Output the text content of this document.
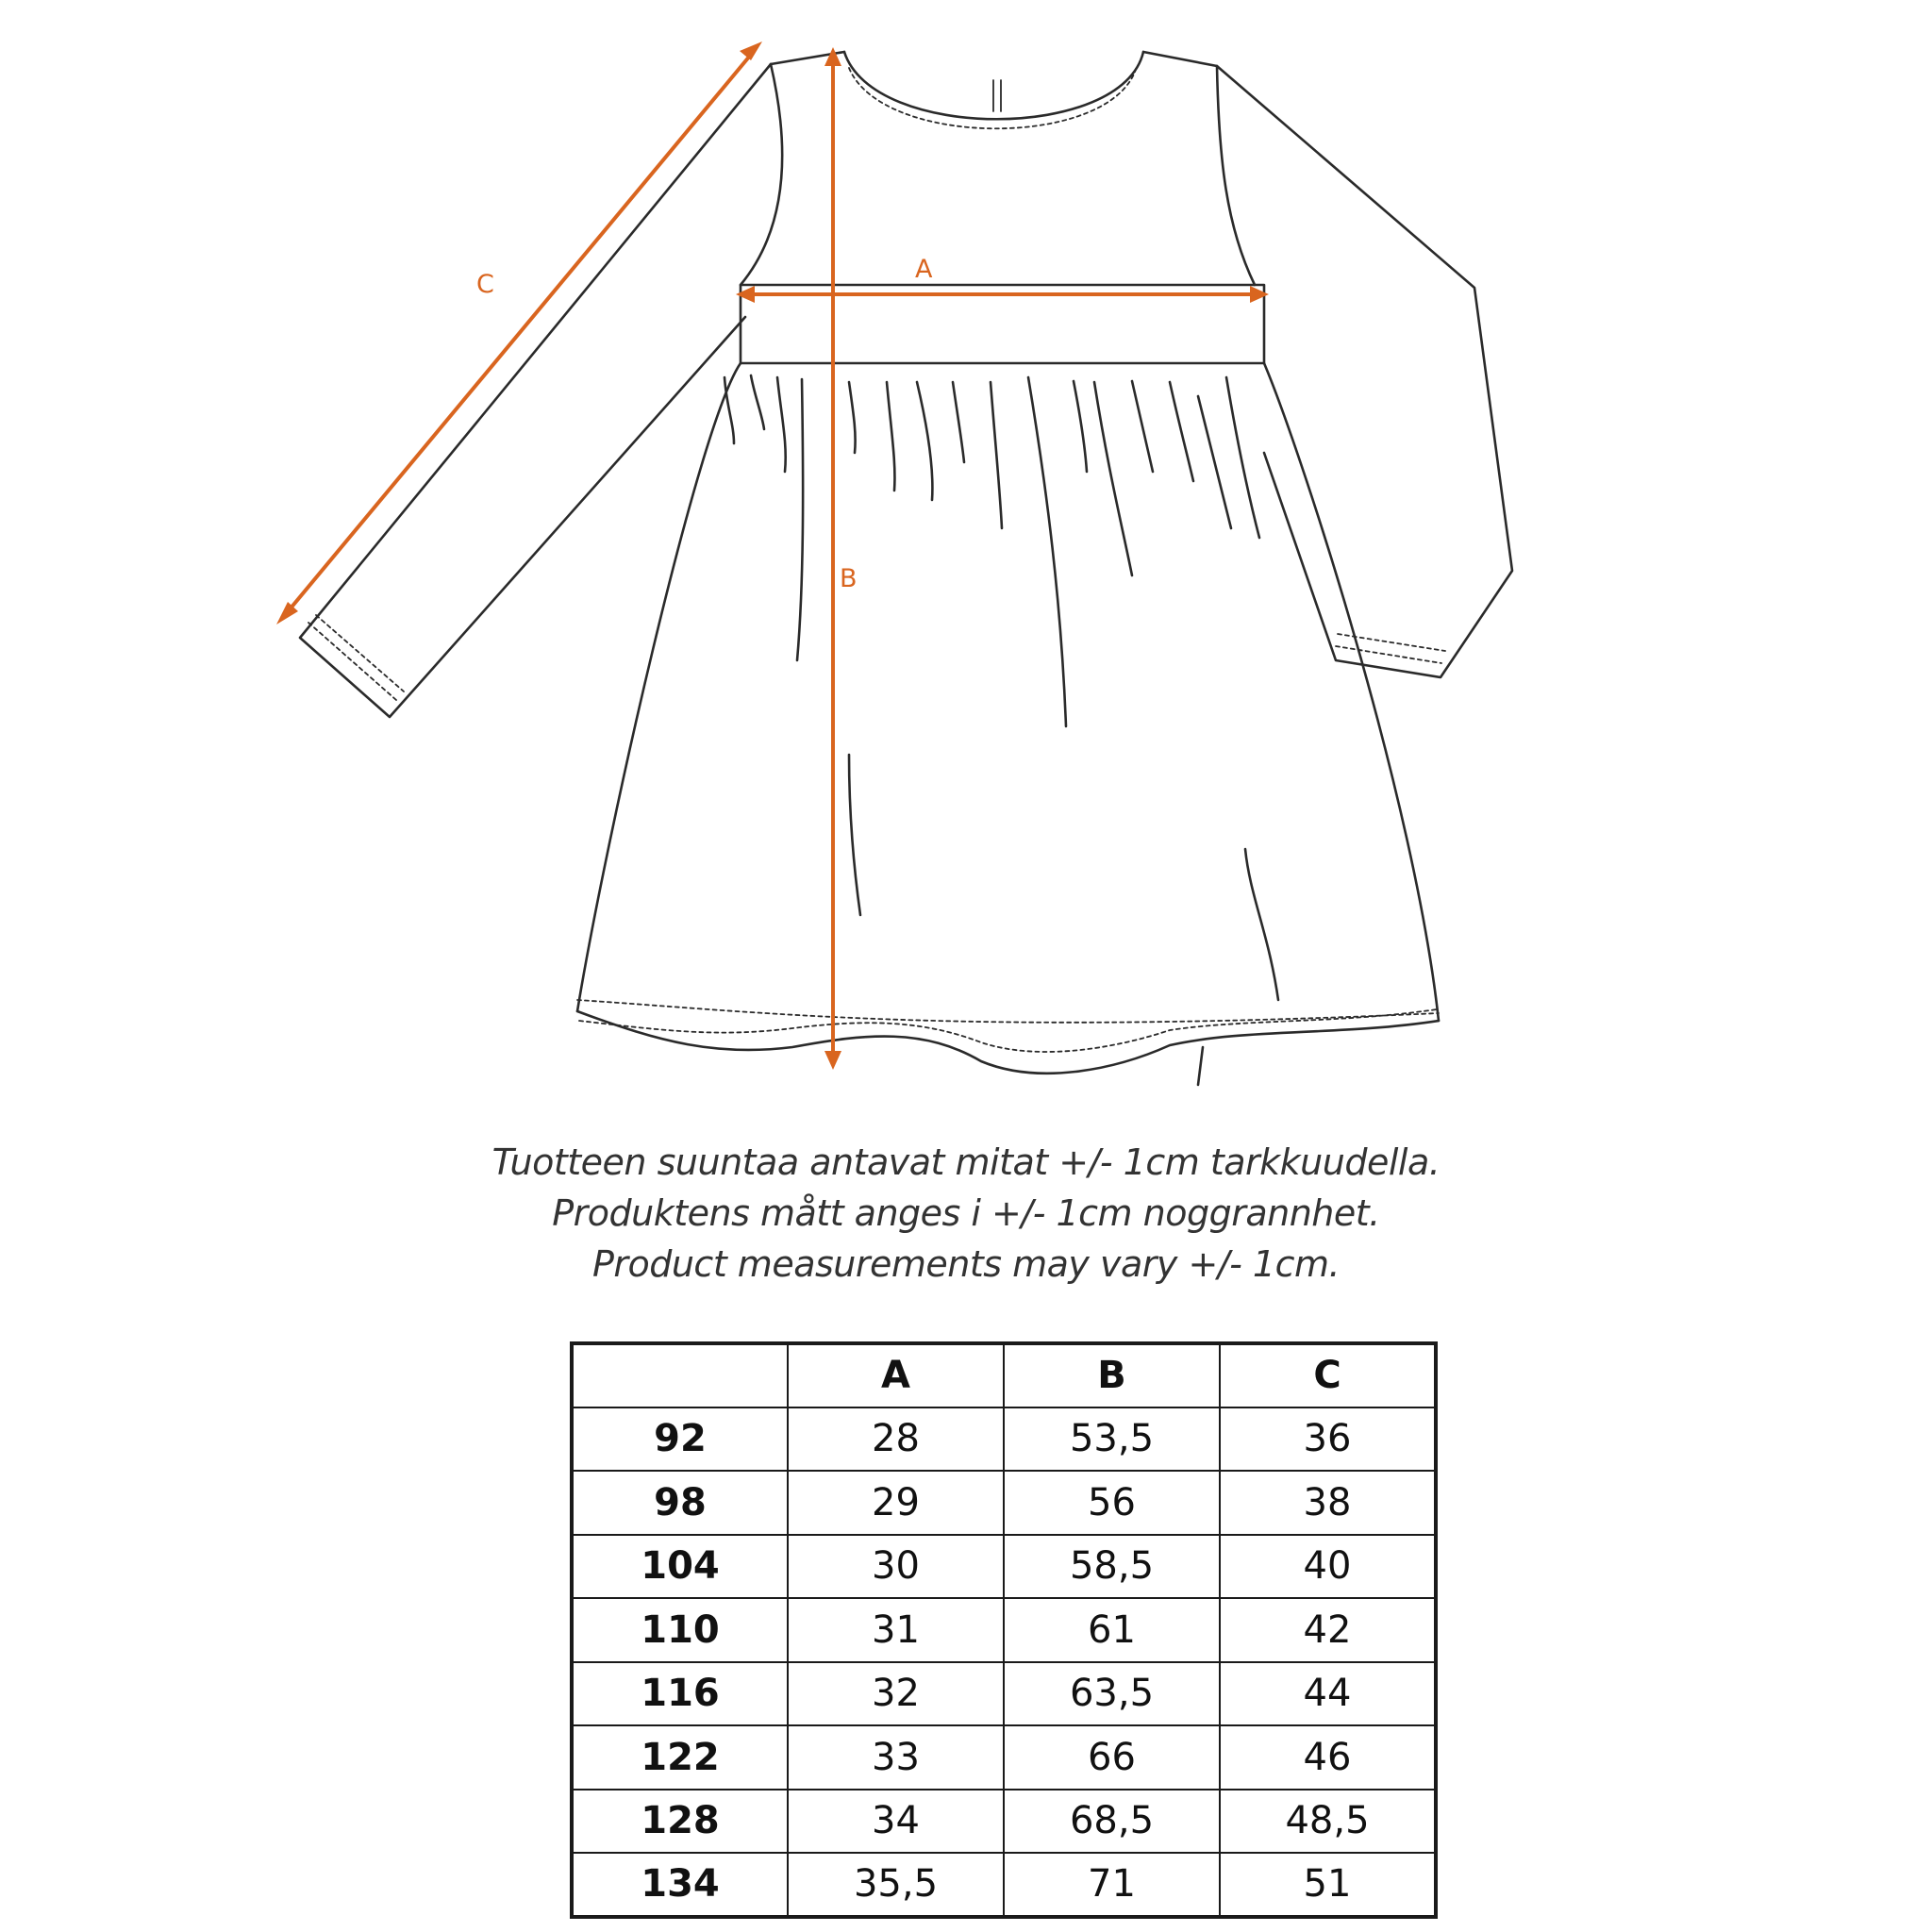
C
A
B
Tuotteen suuntaa antavat mitat +/- 1cm tarkkuudella.
Produktens mått anges i +/- 1cm noggrannhet.
Product measurements may vary +/- 1cm.
	A	B	C
92	28	53,5	36
98	29	56	38
104	30	58,5	40
110	31	61	42
116	32	63,5	44
122	33	66	46
128	34	68,5	48,5
134	35,5	71	51
